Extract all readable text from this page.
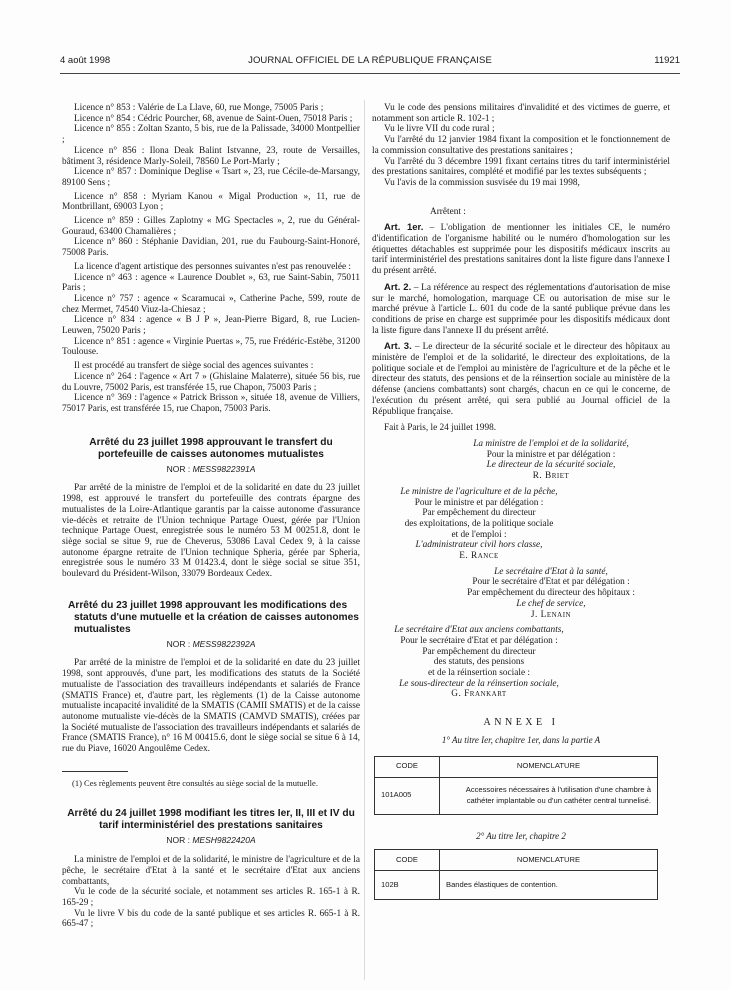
4 août 1998	JOURNAL OFFICIEL DE LA RÉPUBLIQUE FRANÇAISE	11921

Licence n° 853 : Valérie de La Llave, 60, rue Monge, 75005 Paris ;

Licence n° 854 : Cédric Pourcher, 68, avenue de Saint-Ouen, 75018 Paris ;

Licence n° 855 : Zoltan Szanto, 5 bis, rue de la Palissade, 34000 Montpellier ;

Licence n° 856 : Ilona Deak Balint Istvanne, 23, route de Versailles, bâtiment 3, résidence Marly-Soleil, 78560 Le Port-Marly ;

Licence n° 857 : Dominique Deglise « Tsart », 23, rue Cécile-de-Marsangy, 89100 Sens ;

Licence n° 858 : Myriam Kanou « Migal Production », 11, rue de Montbrillant, 69003 Lyon ;

Licence n° 859 : Gilles Zaplotny « MG Spectacles », 2, rue du Général-Gouraud, 63400 Chamalières ;

Licence n° 860 : Stéphanie Davidian, 201, rue du Faubourg-Saint-Honoré, 75008 Paris.

La licence d'agent artistique des personnes suivantes n'est pas renouvelée :

Licence n° 463 : agence « Laurence Doublet », 63, rue Saint-Sabin, 75011 Paris ;

Licence n° 757 : agence « Scaramucai », Catherine Pache, 599, route de chez Mermet, 74540 Viuz-la-Chiesaz ;

Licence n° 834 : agence « B J P », Jean-Pierre Bigard, 8, rue Lucien-Leuwen, 75020 Paris ;

Licence n° 851 : agence « Virginie Puertas », 75, rue Frédéric-Estèbe, 31200 Toulouse.

Il est procédé au transfert de siège social des agences suivantes :

Licence n° 264 : l'agence « Art 7 » (Ghislaine Malaterre), située 56 bis, rue du Louvre, 75002 Paris, est transférée 15, rue Chapon, 75003 Paris ;

Licence n° 369 : l'agence « Patrick Brisson », située 18, avenue de Villiers, 75017 Paris, est transférée 15, rue Chapon, 75003 Paris.

Arrêté du 23 juillet 1998 approuvant le transfert du portefeuille de caisses autonomes mutualistes
NOR : MESS9822391A

Par arrêté de la ministre de l'emploi et de la solidarité en date du 23 juillet 1998, est approuvé le transfert du portefeuille des contrats épargne des mutualistes de la Loire-Atlantique garantis par la caisse autonome d'assurance vie-décès et retraite de l'Union technique Partage Ouest, gérée par l'Union technique Partage Ouest, enregistrée sous le numéro 53 M 00251.8, dont le siège social se situe 9, rue de Cheverus, 53086 Laval Cedex 9, à la caisse autonome épargne retraite de l'Union technique Spheria, gérée par Spheria, enregistrée sous le numéro 33 M 01423.4, dont le siège social se situe 351, boulevard du Président-Wilson, 33079 Bordeaux Cedex.

Arrêté du 23 juillet 1998 approuvant les modifications des statuts d'une mutuelle et la création de caisses autonomes mutualistes
NOR : MESS9822392A

Par arrêté de la ministre de l'emploi et de la solidarité en date du 23 juillet 1998, sont approuvés, d'une part, les modifications des statuts de la Société mutualiste de l'association des travailleurs indépendants et salariés de France (SMATIS France) et, d'autre part, les règlements (1) de la Caisse autonome mutualiste incapacité invalidité de la SMATIS (CAMII SMATIS) et de la caisse autonome mutualiste vie-décès de la SMATIS (CAMVD SMATIS), créées par la Société mutualiste de l'association des travailleurs indépendants et salariés de France (SMATIS France), n° 16 M 00415.6, dont le siège social se situe 6 à 14, rue du Piave, 16020 Angoulême Cedex.

(1) Ces règlements peuvent être consultés au siège social de la mutuelle.

Arrêté du 24 juillet 1998 modifiant les titres Ier, II, III et IV du tarif interministériel des prestations sanitaires
NOR : MESH9822420A

La ministre de l'emploi et de la solidarité, le ministre de l'agriculture et de la pêche, le secrétaire d'Etat à la santé et le secrétaire d'Etat aux anciens combattants,

Vu le code de la sécurité sociale, et notamment ses articles R. 165-1 à R. 165-29 ;

Vu le livre V bis du code de la santé publique et ses articles R. 665-1 à R. 665-47 ;

Vu le code des pensions militaires d'invalidité et des victimes de guerre, et notamment son article R. 102-1 ;

Vu le livre VII du code rural ;

Vu l'arrêté du 12 janvier 1984 fixant la composition et le fonctionnement de la commission consultative des prestations sanitaires ;

Vu l'arrêté du 3 décembre 1991 fixant certains titres du tarif interministériel des prestations sanitaires, complété et modifié par les textes subséquents ;

Vu l'avis de la commission susvisée du 19 mai 1998,

Arrêtent :

Art. 1er. – L'obligation de mentionner les initiales CE, le numéro d'identification de l'organisme habilité ou le numéro d'homologation sur les étiquettes détachables est supprimée pour les dispositifs médicaux inscrits au tarif interministériel des prestations sanitaires dont la liste figure dans l'annexe I du présent arrêté.

Art. 2. – La référence au respect des réglementations d'autorisation de mise sur le marché, homologation, marquage CE ou autorisation de mise sur le marché prévue à l'article L. 601 du code de la santé publique prévue dans les conditions de prise en charge est supprimée pour les dispositifs médicaux dont la liste figure dans l'annexe II du présent arrêté.

Art. 3. – Le directeur de la sécurité sociale et le directeur des hôpitaux au ministère de l'emploi et de la solidarité, le directeur des exploitations, de la politique sociale et de l'emploi au ministère de l'agriculture et de la pêche et le directeur des statuts, des pensions et de la réinsertion sociale au ministère de la défense (anciens combattants) sont chargés, chacun en ce qui le concerne, de l'exécution du présent arrêté, qui sera publié au Journal officiel de la République française.

Fait à Paris, le 24 juillet 1998.

La ministre de l'emploi et de la solidarité,

Pour la ministre et par délégation :

Le directeur de la sécurité sociale,

R. Briet

Le ministre de l'agriculture et de la pêche,

Pour le ministre et par délégation :

Par empêchement du directeur

des exploitations, de la politique sociale

et de l'emploi :

L'administrateur civil hors classe,

E. Rance

Le secrétaire d'Etat à la santé,

Pour le secrétaire d'Etat et par délégation :

Par empêchement du directeur des hôpitaux :

Le chef de service,

J. Lenain

Le secrétaire d'Etat aux anciens combattants,

Pour le secrétaire d'Etat et par délégation :

Par empêchement du directeur

des statuts, des pensions

et de la réinsertion sociale :

Le sous-directeur de la réinsertion sociale,

G. Frankart

ANNEXE I

1° Au titre Ier, chapitre 1er, dans la partie A

CODE	NOMENCLATURE
101A005	Accessoires nécessaires à l'utilisation d'une chambre à cathéter implantable ou d'un cathéter central tunnelisé.

2° Au titre Ier, chapitre 2

CODE	NOMENCLATURE
102B	Bandes élastiques de contention.
